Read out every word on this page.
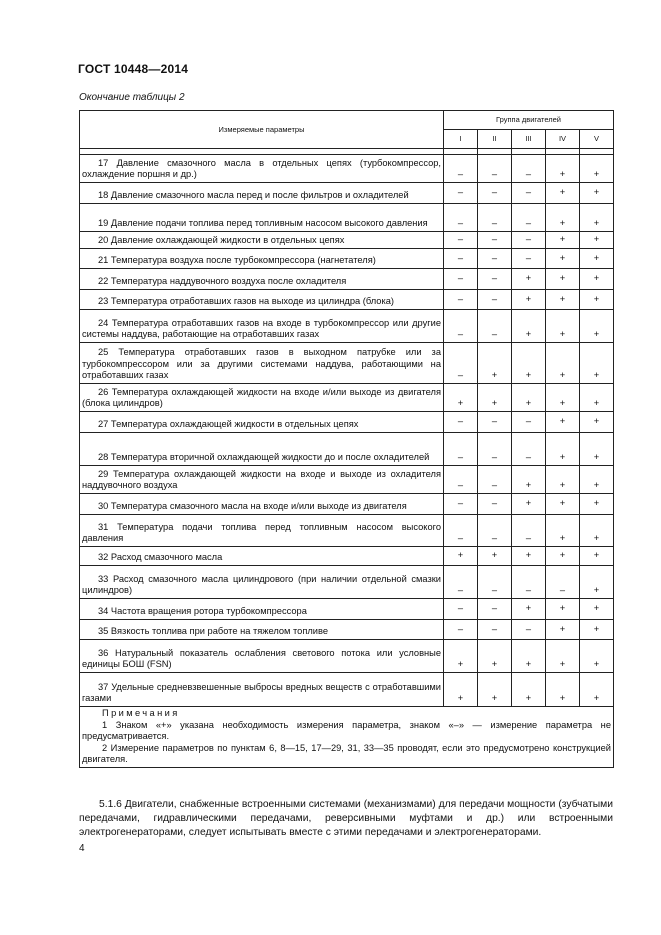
ГОСТ 10448—2014
Окончание таблицы 2
Измеряемые параметры	Группа двигателей				
	I	II	III	IV	V

17 Давление смазочного масла в отдельных цепях (турбокомпрессор, охлаждение поршня и др.)	–	–	–	+	+
18 Давление смазочного масла перед и после фильтров и охладителей	–	–	–	+	+
19 Давление подачи топлива перед топливным насосом высокого давления	–	–	–	+	+
20 Давление охлаждающей жидкости в отдельных цепях	–	–	–	+	+
21 Температура воздуха после турбокомпрессора (нагнетателя)	–	–	–	+	+
22 Температура наддувочного воздуха после охладителя	–	–	+	+	+
23 Температура отработавших газов на выходе из цилиндра (блока)	–	–	+	+	+
24 Температура отработавших газов на входе в турбокомпрессор или другие системы наддува, работающие на отработавших газах	–	–	+	+	+
25 Температура отработавших газов в выходном патрубке или за турбокомпрессором или за другими системами наддува, работающими на отработавших газах	–	+	+	+	+
26 Температура охлаждающей жидкости на входе и/или выходе из двигателя (блока цилиндров)	+	+	+	+	+
27 Температура охлаждающей жидкости в отдельных цепях	–	–	–	+	+
28 Температура вторичной охлаждающей жидкости до и после охладителей	–	–	–	+	+
29 Температура охлаждающей жидкости на входе и выходе из охладителя наддувочного воздуха	–	–	+	+	+
30 Температура смазочного масла на входе и/или выходе из двигателя	–	–	+	+	+
31 Температура подачи топлива перед топливным насосом высокого давления	–	–	–	+	+
32 Расход смазочного масла	+	+	+	+	+
33 Расход смазочного масла цилиндрового (при наличии отдельной смазки цилиндров)	–	–	–	–	+
34 Частота вращения ротора турбокомпрессора	–	–	+	+	+
35 Вязкость топлива при работе на тяжелом топливе	–	–	–	+	+
36 Натуральный показатель ослабления светового потока или условные единицы БОШ (FSN)	+	+	+	+	+
37 Удельные средневзвешенные выбросы вредных веществ с отработавшими газами	+	+	+	+	+

Примечания
1 Знаком «+» указана необходимость измерения параметра, знаком «–» — измерение параметра не предусматривается.
2 Измерение параметров по пунктам 6, 8—15, 17—29, 31, 33—35 проводят, если это предусмотрено конструкцией двигателя.					
5.1.6 Двигатели, снабженные встроенными системами (механизмами) для передачи мощности (зубчатыми передачами, гидравлическими передачами, реверсивными муфтами и др.) или встроенными электрогенераторами, следует испытывать вместе с этими передачами и электрогенераторами.
4
